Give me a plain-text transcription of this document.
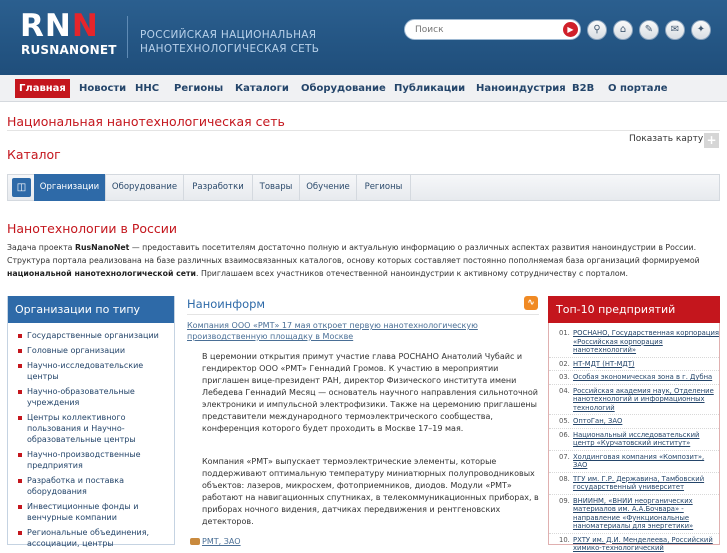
R N N
RUSNANONET
РОССИЙСКАЯ НАЦИОНАЛЬНАЯ
НАНОТЕХНОЛОГИЧЕСКАЯ СЕТЬ
Поиск
▶	⚲	⌂	✎	✉	✦
Главная	Новости ННС	Регионы	Каталоги	Оборудование Публикации	Наноиндустрия B2B	О портале
Национальная нанотехнологическая сеть
Показать карту +
Каталог
◫	Организации	Оборудование	Разработки	Товары	Обучение	Регионы
Нанотехнологии в России
Задача проекта RusNanoNet — предоставить посетителям достаточно полную и актуальную информацию о различных аспектах развития наноиндустрии в России. Структура портала реализована на базе различных взаимосвязанных каталогов, основу которых составляет постоянно пополняемая база организаций формируемой национальной нанотехнологической сети. Приглашаем всех участников отечественной наноиндустрии к активному сотрудничеству с порталом.
Организации по типу
Государственные организации
Головные организации
Научно-исследовательские центры
Научно-образовательные учреждения
Центры коллективного пользования и Научно-образовательные центры
Научно-производственные предприятия
Разработка и поставка оборудования
Инвестиционные фонды и венчурные компании
Региональные объединения, ассоциации, центры
Наноинформ	∿
Компания ООО «РМТ» 17 мая откроет первую нанотехнологическую производственную площадку в Москве
В церемонии открытия примут участие глава РОСНАНО Анатолий Чубайс и гендиректор ООО «РМТ» Геннадий Громов. К участию в мероприятии приглашен вице-президент РАН, директор Физического института имени Лебедева Геннадий Месяц — основатель научного направления сильноточной электроники и импульсной электрофизики. Также на церемонию приглашены представители международного термоэлектрического сообщества, конференция которого будет проходить в Москве 17–19 мая.
Компания «РМТ» выпускает термоэлектрические элементы, которые поддерживают оптимальную температуру миниатюрных полупроводниковых объектов: лазеров, микросхем, фотоприемников, диодов. Модули «РМТ» работают на навигационных спутниках, в телекоммуникационных приборах, в приборах ночного видения, датчиках передвижения и рентгеновских детекторов.
РМТ, ЗАО
Топ-10 предприятий
01. РОСНАНО, Государственная корпорация «Российская корпорация нанотехнологий»
02. НТ-МДТ (НТ-МДТ)
03. Особая экономическая зона в г. Дубна
04. Российская академия наук, Отделение нанотехнологий и информационных технологий
05. ОптоГан, ЗАО
06. Национальный исследовательский центр «Курчатовский институт»
07. Холдинговая компания «Композит», ЗАО
08. ТГУ им. Г.Р. Державина, Тамбовский государственный университет
09. ВНИИНМ, «ВНИИ неорганических материалов им. А.А.Бочвара» - направление «Функциональные наноматериалы для энергетики»
10. РХТУ им. Д.И. Менделеева, Российский химико-технологический
